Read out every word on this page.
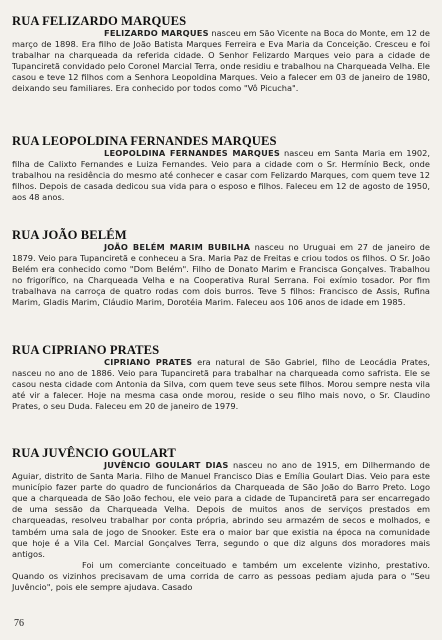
RUA FELIZARDO MARQUES

FELIZARDO MARQUES nasceu em São Vicente na Boca do Monte, em 12 de março de 1898. Era filho de João Batista Marques Ferreira e Eva Maria da Conceição. Cresceu e foi trabalhar na charqueada da referida cidade. O Senhor Felizardo Marques veio para a cidade de Tupanciretã convidado pelo Coronel Marcial Terra, onde residiu e trabalhou na Charqueada Velha. Ele casou e teve 12 filhos com a Senhora Leopoldina Marques. Veio a falecer em 03 de janeiro de 1980, deixando seu familiares. Era conhecido por todos como "Vô Picucha".

RUA LEOPOLDINA FERNANDES MARQUES

LEOPOLDINA FERNANDES MARQUES nasceu em Santa Maria em 1902, filha de Calixto Fernandes e Luiza Fernandes. Veio para a cidade com o Sr. Hermínio Beck, onde trabalhou na residência do mesmo até conhecer e casar com Felizardo Marques, com quem teve 12 filhos. Depois de casada dedicou sua vida para o esposo e filhos. Faleceu em 12 de agosto de 1950, aos 48 anos.

RUA JOÃO BELÉM

JOÃO BELÉM MARIM BUBILHA nasceu no Uruguai em 27 de janeiro de 1879. Veio para Tupanciretã e conheceu a Sra. Maria Paz de Freitas e criou todos os filhos. O Sr. João Belém era conhecido como "Dom Belém". Filho de Donato Marim e Francisca Gonçalves. Trabalhou no frigorífico, na Charqueada Velha e na Cooperativa Rural Serrana. Foi exímio tosador. Por fim trabalhava na carroça de quatro rodas com dois burros. Teve 5 filhos: Francisco de Assis, Rufina Marim, Gladis Marim, Cláudio Marim, Dorotéia Marim. Faleceu aos 106 anos de idade em 1985.

RUA CIPRIANO PRATES

CIPRIANO PRATES era natural de São Gabriel, filho de Leocádia Prates, nasceu no ano de 1886. Veio para Tupanciretã para trabalhar na charqueada como safrista. Ele se casou nesta cidade com Antonia da Silva, com quem teve seus sete filhos. Morou sempre nesta vila até vir a falecer. Hoje na mesma casa onde morou, reside o seu filho mais novo, o Sr. Claudino Prates, o seu Duda. Faleceu em 20 de janeiro de 1979.

RUA JUVÊNCIO GOULART

JUVÊNCIO GOULART DIAS nasceu no ano de 1915, em Dilhermando de Aguiar, distrito de Santa Maria. Filho de Manuel Francisco Dias e Emília Goulart Dias. Veio para este município fazer parte do quadro de funcionários da Charqueada de São João do Barro Preto. Logo que a charqueada de São João fechou, ele veio para a cidade de Tupanciretã para ser encarregado de uma sessão da Charqueada Velha. Depois de muitos anos de serviços prestados em charqueadas, resolveu trabalhar por conta própria, abrindo seu armazém de secos e molhados, e também uma sala de jogo de Snooker. Este era o maior bar que existia na época na comunidade que hoje é a Vila Cel. Marcial Gonçalves Terra, segundo o que diz alguns dos moradores mais antigos.

Foi um comerciante conceituado e também um excelente vizinho, prestativo. Quando os vizinhos precisavam de uma corrida de carro as pessoas pediam ajuda para o "Seu Juvêncio", pois ele sempre ajudava. Casado

76
